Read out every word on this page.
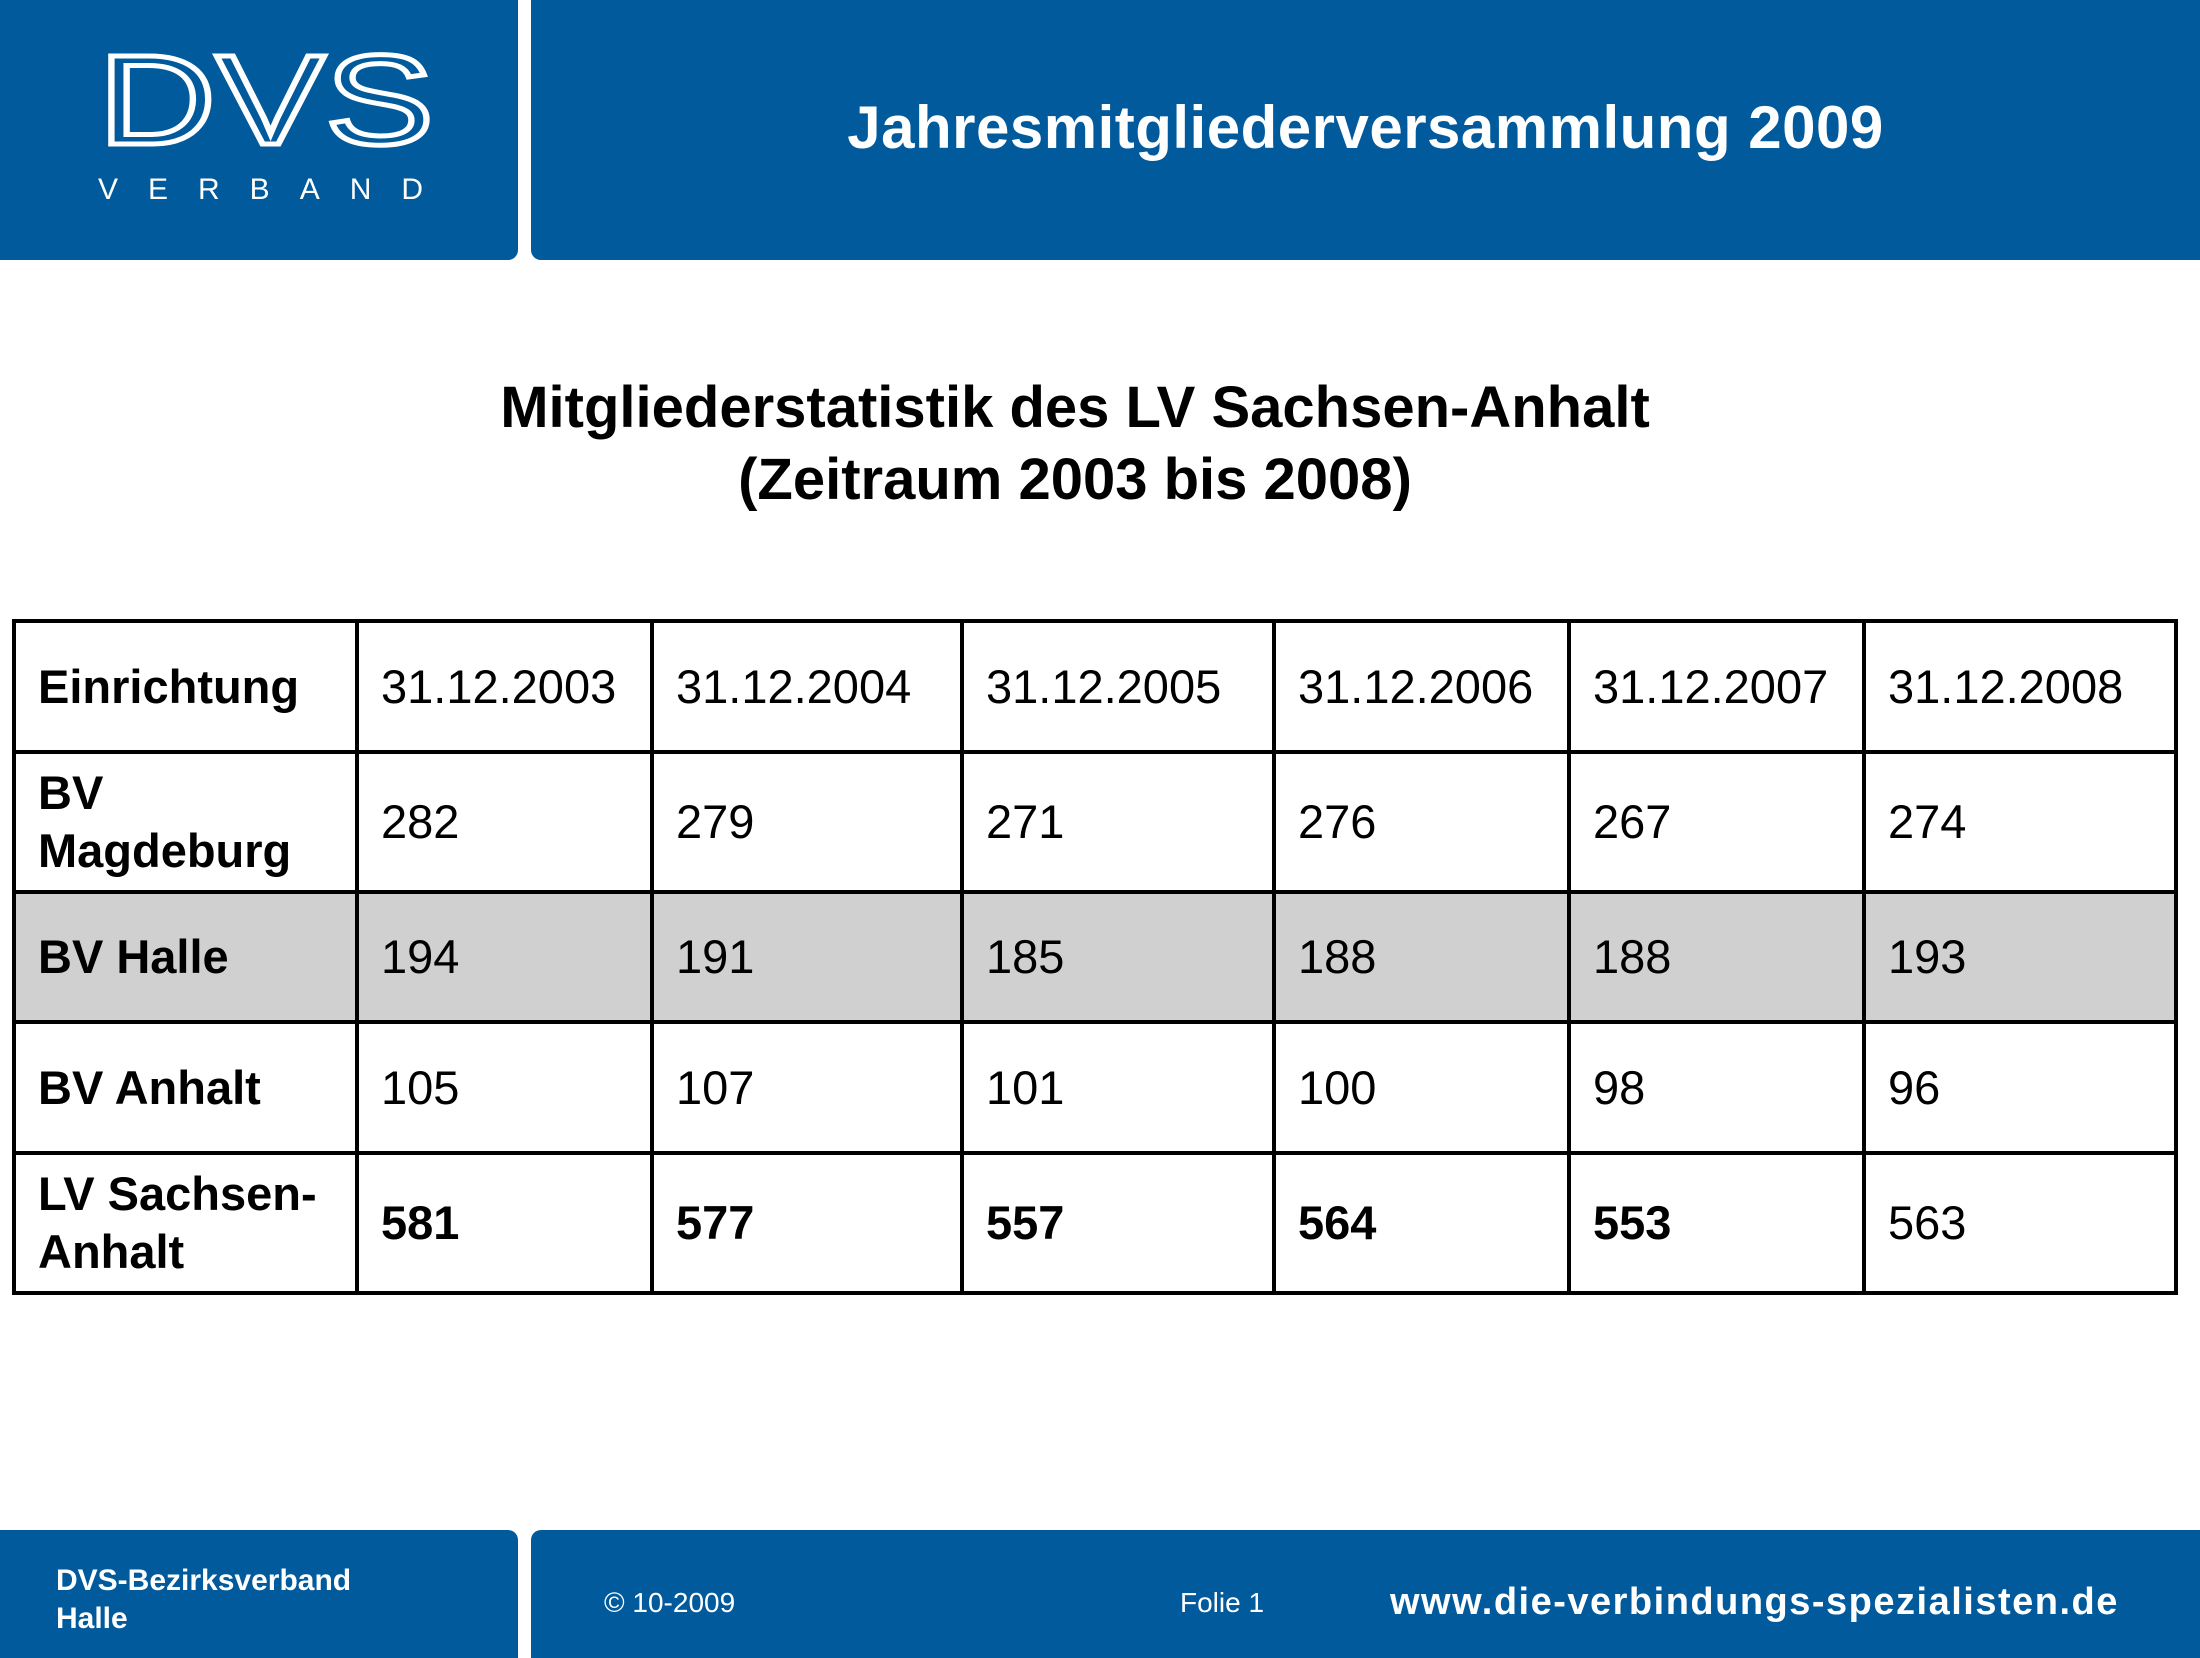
DVS
VERBAND
Jahresmitgliederversammlung 2009
Mitgliederstatistik des LV Sachsen-Anhalt
(Zeitraum 2003 bis 2008)
Einrichtung	31.12.2003	31.12.2004	31.12.2005	31.12.2006	31.12.2007	31.12.2008
BV Magdeburg	282	279	271	276	267	274
BV Halle	194	191	185	188	188	193
BV Anhalt	105	107	101	100	98	96
LV Sachsen-Anhalt	581	577	557	564	553	563
DVS-Bezirksverband
Halle	© 10-2009	Folie 1	www.die-verbindungs-spezialisten.de
